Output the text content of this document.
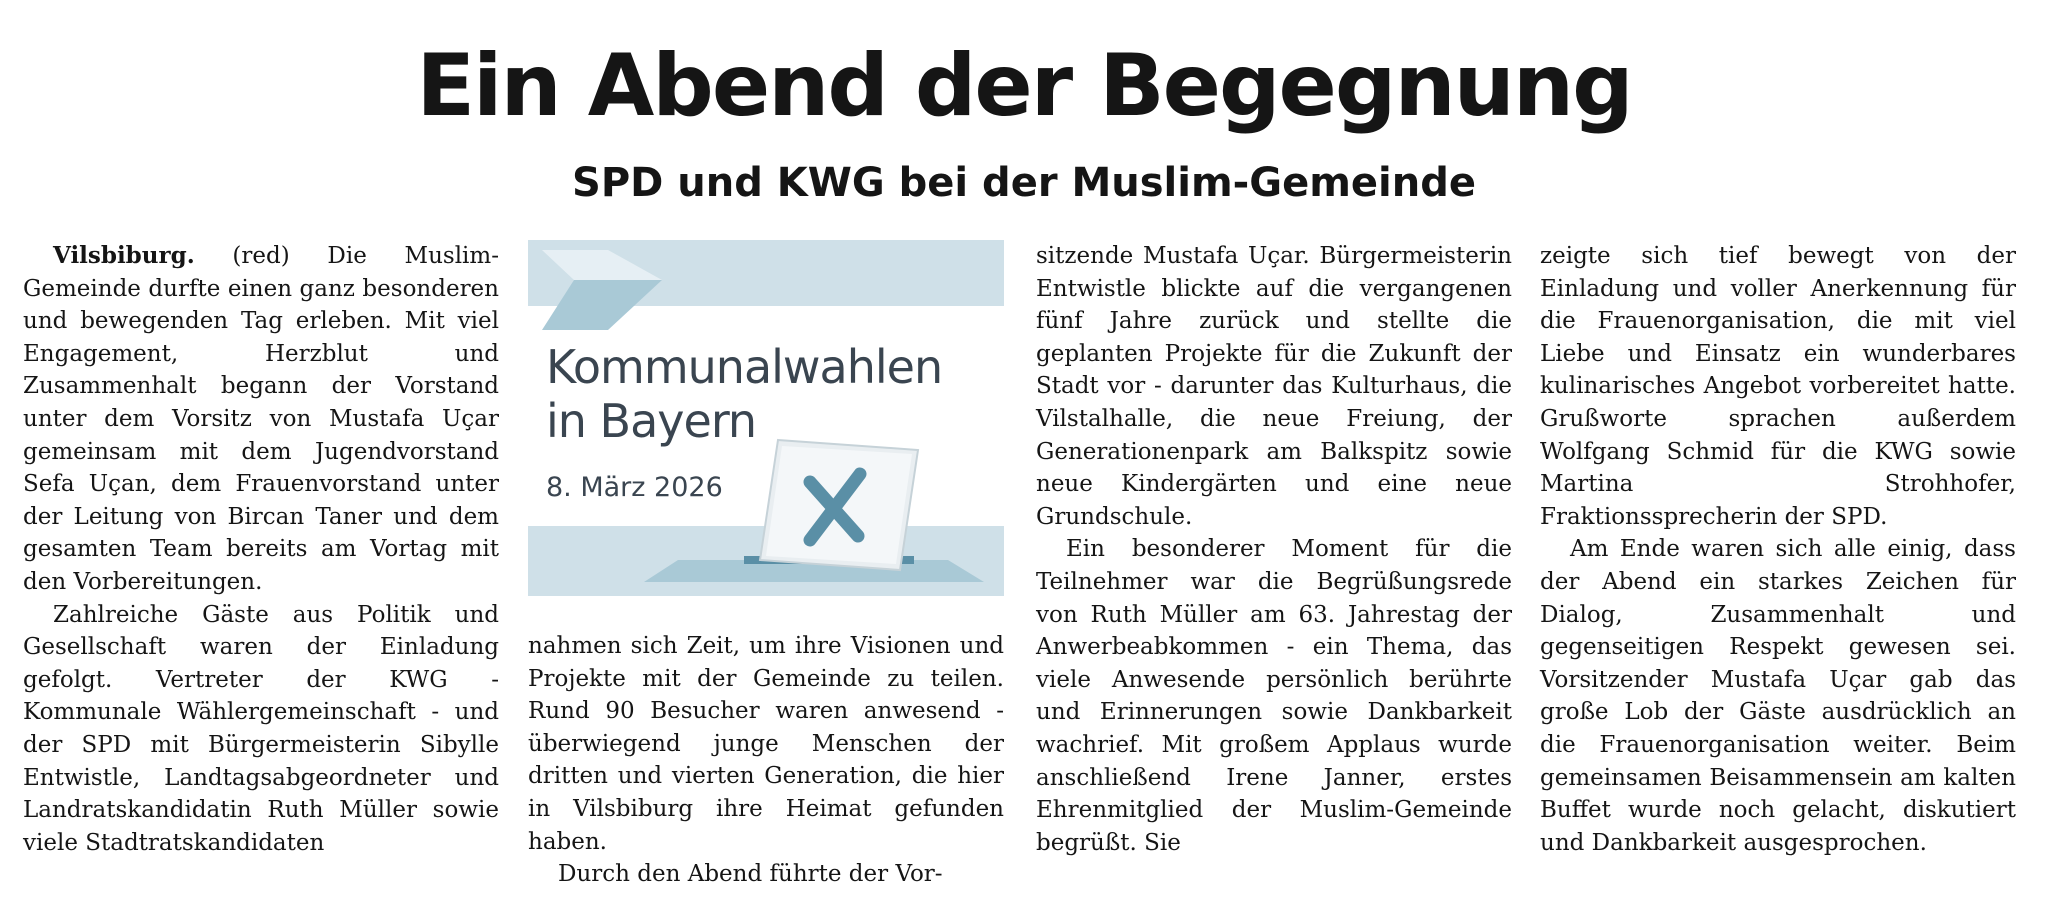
Ein Abend der Begegnung
SPD und KWG bei der Muslim-Gemeinde

Vilsbiburg. (red) Die Muslim-Gemeinde durfte einen ganz besonderen und bewegenden Tag erleben. Mit viel Engagement, Herzblut und Zusammenhalt begann der Vorstand unter dem Vorsitz von Mustafa Uçar gemeinsam mit dem Jugendvorstand Sefa Uçan, dem Frauenvorstand unter der Leitung von Bircan Taner und dem gesamten Team bereits am Vortag mit den Vorbereitungen.

Zahlreiche Gäste aus Politik und Gesellschaft waren der Einladung gefolgt. Vertreter der KWG - Kommunale Wählergemeinschaft - und der SPD mit Bürgermeisterin Sibylle Entwistle, Landtagsabgeordneter und Landratskandidatin Ruth Müller sowie viele Stadtratskandidaten

Kommunalwahlen
in Bayern

8. März 2026

nahmen sich Zeit, um ihre Visionen und Projekte mit der Gemeinde zu teilen. Rund 90 Besucher waren anwesend - überwiegend junge Menschen der dritten und vierten Generation, die hier in Vilsbiburg ihre Heimat gefunden haben.

Durch den Abend führte der Vor-

sitzende Mustafa Uçar. Bürgermeisterin Entwistle blickte auf die vergangenen fünf Jahre zurück und stellte die geplanten Projekte für die Zukunft der Stadt vor - darunter das Kulturhaus, die Vilstalhalle, die neue Freiung, der Generationenpark am Balkspitz sowie neue Kindergärten und eine neue Grundschule.

Ein besonderer Moment für die Teilnehmer war die Begrüßungsrede von Ruth Müller am 63. Jahrestag der Anwerbeabkommen - ein Thema, das viele Anwesende persönlich berührte und Erinnerungen sowie Dankbarkeit wachrief. Mit großem Applaus wurde anschließend Irene Janner, erstes Ehrenmitglied der Muslim-Gemeinde begrüßt. Sie

zeigte sich tief bewegt von der Einladung und voller Anerkennung für die Frauenorganisation, die mit viel Liebe und Einsatz ein wunderbares kulinarisches Angebot vorbereitet hatte. Grußworte sprachen außerdem Wolfgang Schmid für die KWG sowie Martina Strohhofer, Fraktionssprecherin der SPD.

Am Ende waren sich alle einig, dass der Abend ein starkes Zeichen für Dialog, Zusammenhalt und gegenseitigen Respekt gewesen sei. Vorsitzender Mustafa Uçar gab das große Lob der Gäste ausdrücklich an die Frauenorganisation weiter. Beim gemeinsamen Beisammensein am kalten Buffet wurde noch gelacht, diskutiert und Dankbarkeit ausgesprochen.
